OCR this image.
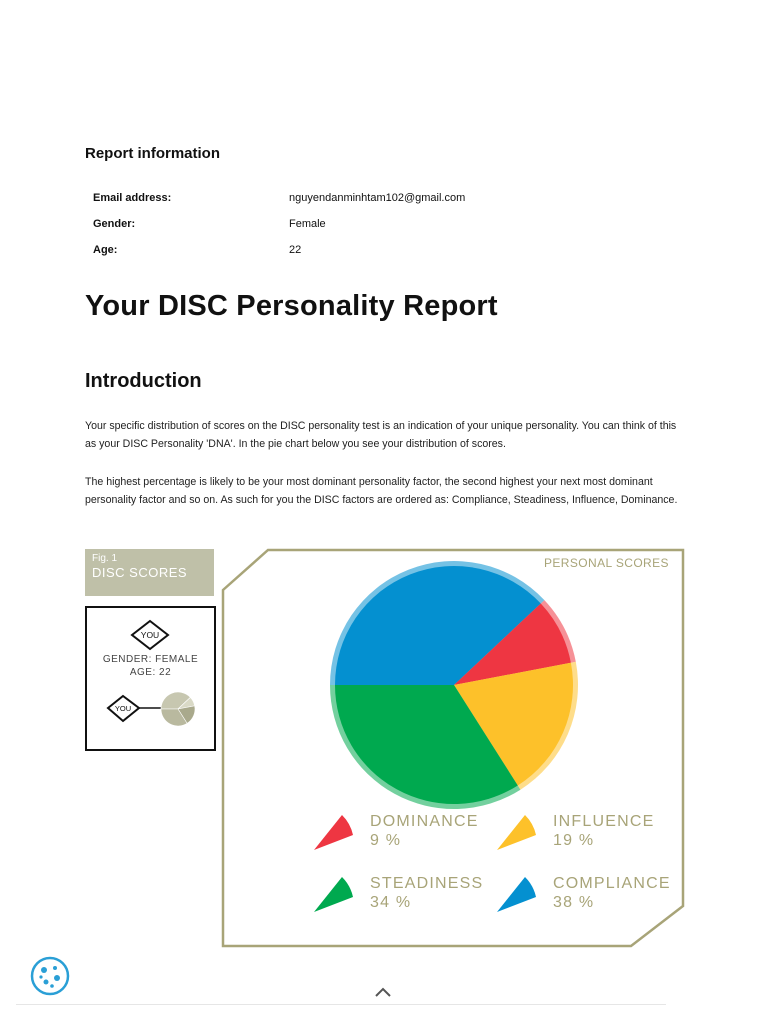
Report information
Email address:	nguyendanminhtam102@gmail.com
Gender:	Female
Age:	22
Your DISC Personality Report
Introduction

Your specific distribution of scores on the DISC personality test is an indication of your unique personality. You can think of this as your DISC Personality 'DNA'. In the pie chart below you see your distribution of scores.

The highest percentage is likely to be your most dominant personality factor, the second highest your next most dominant personality factor and so on. As such for you the DISC factors are ordered as: Compliance, Steadiness, Influence, Dominance.

Fig. 1
DISC SCORES
YOU
YOU
GENDER: FEMALE
AGE: 22
PERSONAL SCORES
DOMINANCE
9 %
INFLUENCE
19 %
STEADINESS
34 %
COMPLIANCE
38 %
